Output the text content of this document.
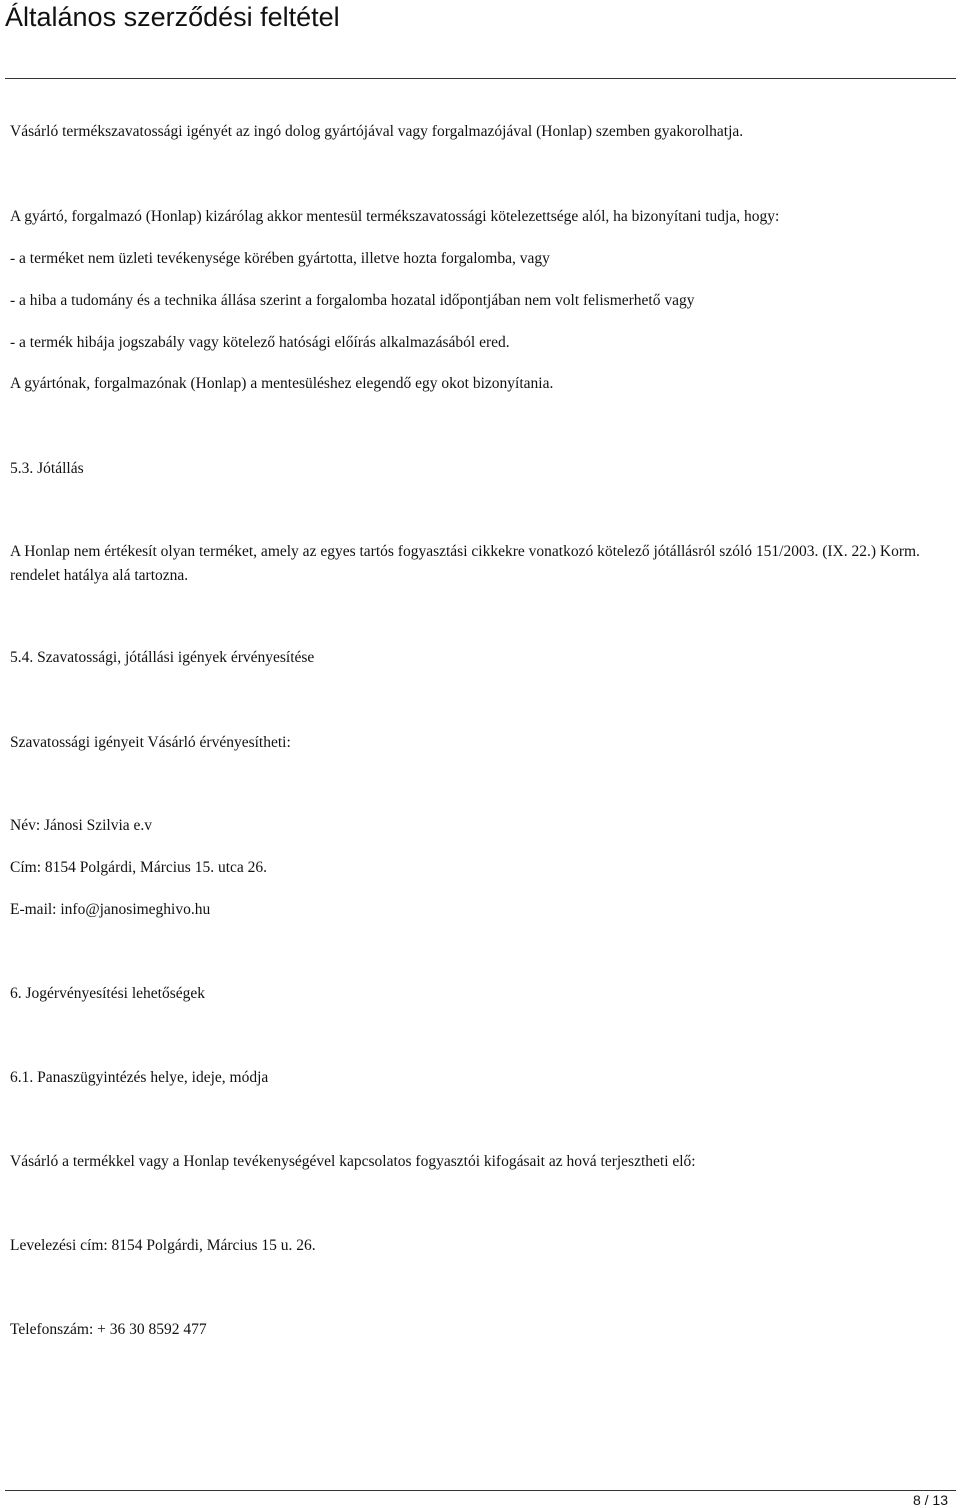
Általános szerződési feltétel
Vásárló termékszavatossági igényét az ingó dolog gyártójával vagy forgalmazójával (Honlap) szemben gyakorolhatja.
A gyártó, forgalmazó (Honlap) kizárólag akkor mentesül termékszavatossági kötelezettsége alól, ha bizonyítani tudja, hogy:
- a terméket nem üzleti tevékenysége körében gyártotta, illetve hozta forgalomba, vagy
- a hiba a tudomány és a technika állása szerint a forgalomba hozatal időpontjában nem volt felismerhető vagy
- a termék hibája jogszabály vagy kötelező hatósági előírás alkalmazásából ered.
A gyártónak, forgalmazónak (Honlap) a mentesüléshez elegendő egy okot bizonyítania.
5.3. Jótállás
A Honlap nem értékesít olyan terméket, amely az egyes tartós fogyasztási cikkekre vonatkozó kötelező jótállásról szóló 151/2003. (IX. 22.) Korm. rendelet hatálya alá tartozna.
5.4. Szavatossági, jótállási igények érvényesítése
Szavatossági igényeit Vásárló érvényesítheti:
Név: Jánosi Szilvia e.v
Cím: 8154 Polgárdi, Március 15. utca 26.
E-mail: info@janosimeghivo.hu
6. Jogérvényesítési lehetőségek
6.1. Panaszügyintézés helye, ideje, módja
Vásárló a termékkel vagy a Honlap tevékenységével kapcsolatos fogyasztói kifogásait az hová terjesztheti elő:
Levelezési cím: 8154 Polgárdi, Március 15 u. 26.
Telefonszám: + 36 30 8592 477
8 / 13
